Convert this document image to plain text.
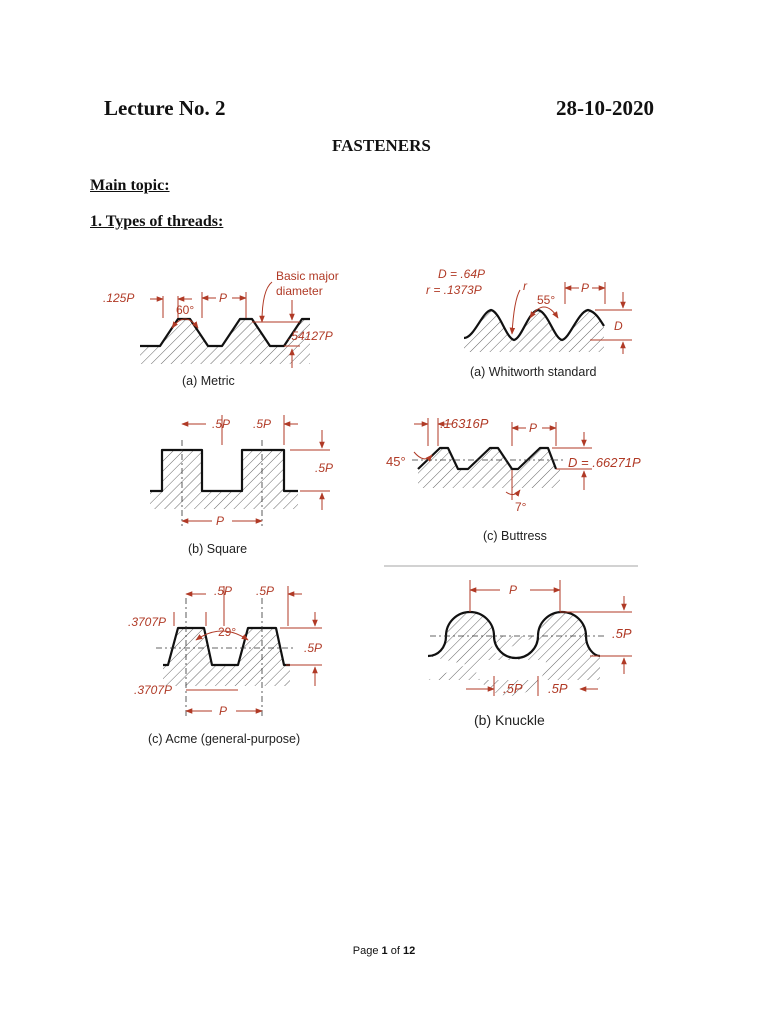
Lecture No. 2	28-10-2020
FASTENERS
Main topic:
1. Types of threads:
.125P
60°
P
Basic major
diameter
.54127P
(a) Metric
D = .64P
r = .1373P	r
55°
P
D
(a) Whitworth standard
.5P .5P
.5P
P
(b) Square
.16316P	P
45°
7°
D = .66271P
(c) Buttress
.5P .5P
.3707P
29°
.5P
.3707P
P
(c) Acme (general-purpose)
P
.5P
.5P .5P
(b) Knuckle
Page 1 of 12
